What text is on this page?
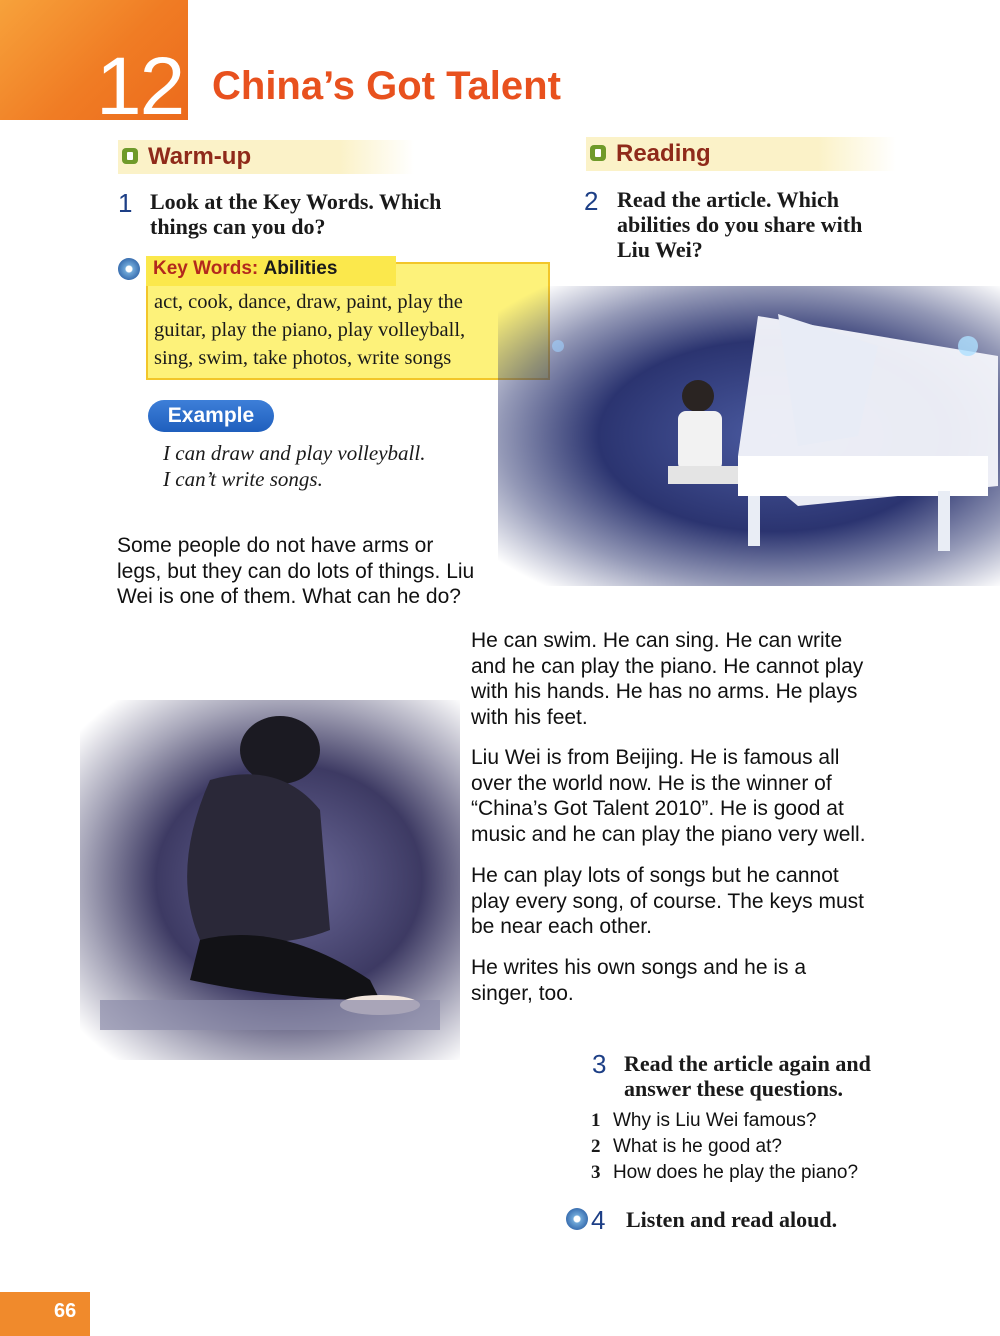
12 China’s Got Talent
Warm-up
1 Look at the Key Words. Which
things can you do?
Key Words: Abilities
act, cook, dance, draw, paint, play the
guitar, play the piano, play volleyball,
sing, swim, take photos, write songs
Example
I can draw and play volleyball.
I can’t write songs.
Reading
2 Read the article. Which
abilities do you share with
Liu Wei?
Some people do not have arms or
legs, but they can do lots of things. Liu
Wei is one of them. What can he do?
He can swim. He can sing. He can write
and he can play the piano. He cannot play
with his hands. He has no arms. He plays
with his feet.
Liu Wei is from Beijing. He is famous all
over the world now. He is the winner of
“China’s Got Talent 2010”. He is good at
music and he can play the piano very well.
He can play lots of songs but he cannot
play every song, of course. The keys must
be near each other.
He writes his own songs and he is a
singer, too.
3 Read the article again and
answer these questions.
1 Why is Liu Wei famous?
2 What is he good at?
3 How does he play the piano?
4 Listen and read aloud.
66
